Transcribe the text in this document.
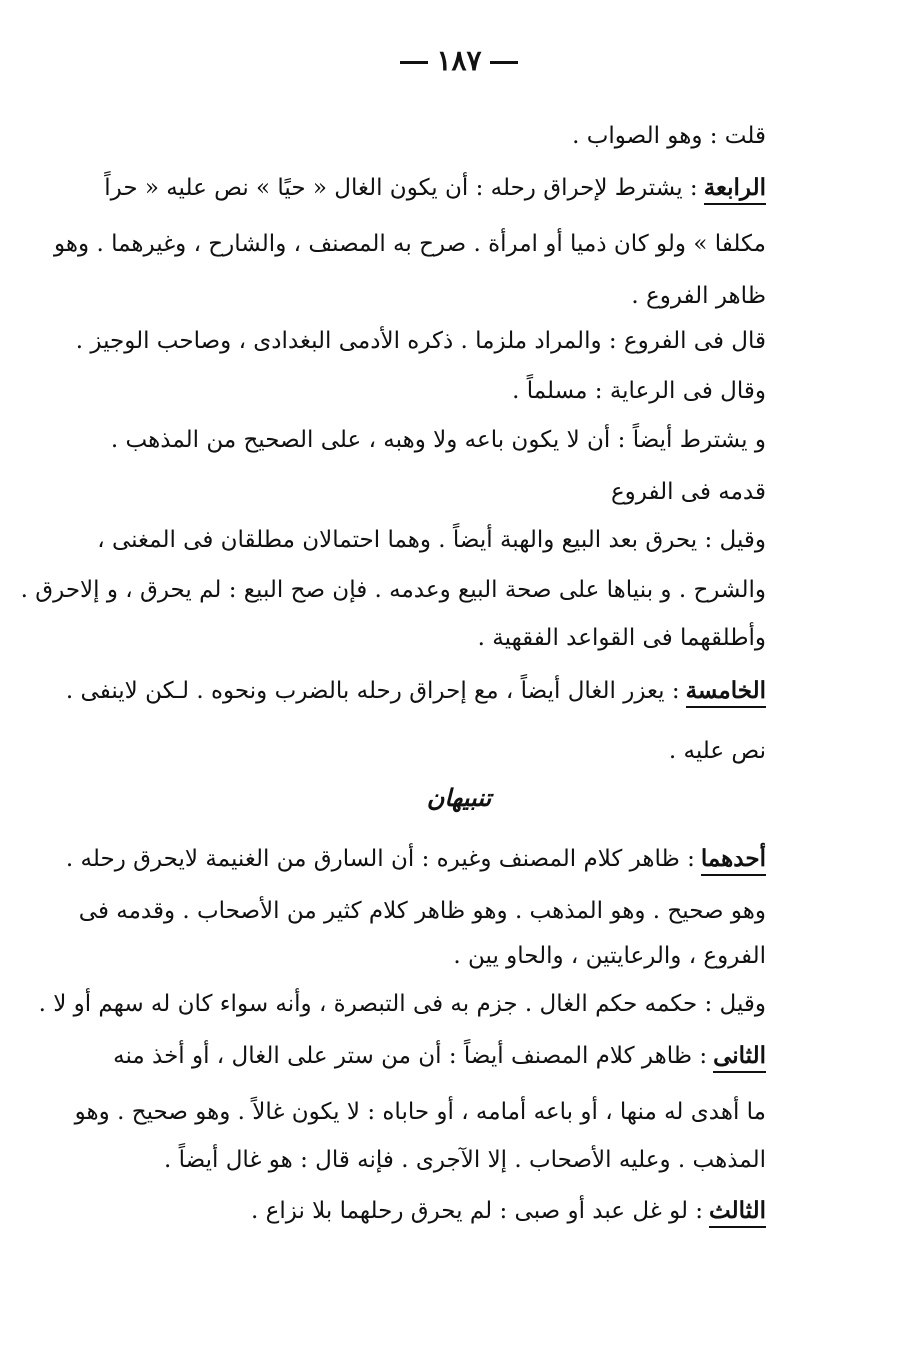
١٨٧
قلت : وهو الصواب .
الرابعة: يشترط لإحراق رحله : أن يكون الغال « حيًا » نص عليه « حراً
مكلفا » ولو كان ذميا أو امرأة . صرح به المصنف ، والشارح ، وغيرهما . وهو
ظاهر الفروع .
قال فى الفروع : والمراد ملزما . ذكره الأدمى البغدادى ، وصاحب الوجيز .
وقال فى الرعاية : مسلماً .
و يشترط أيضاً : أن لا يكون باعه ولا وهبه ، على الصحيح من المذهب .
قدمه فى الفروع
وقيل : يحرق بعد البيع والهبة أيضاً . وهما احتمالان مطلقان فى المغنى ،
والشرح . و بنياها على صحة البيع وعدمه . فإن صح البيع : لم يحرق ، و إلاحرق .
وأطلقهما فى القواعد الفقهية .
الخامسة: يعزر الغال أيضاً ، مع إحراق رحله بالضرب ونحوه . لـكن لاينفى .
نص عليه .
تنبيهان
أحدهما: ظاهر كلام المصنف وغيره : أن السارق من الغنيمة لايحرق رحله .
وهو صحيح . وهو المذهب . وهو ظاهر كلام كثير من الأصحاب . وقدمه فى
الفروع ، والرعايتين ، والحاو يين .
وقيل : حكمه حكم الغال . جزم به فى التبصرة ، وأنه سواء كان له سهم أو لا .
الثانى: ظاهر كلام المصنف أيضاً : أن من ستر على الغال ، أو أخذ منه
ما أهدى له منها ، أو باعه أمامه ، أو حاباه : لا يكون غالاً . وهو صحيح . وهو
المذهب . وعليه الأصحاب . إلا الآجرى . فإنه قال : هو غال أيضاً .
الثالث: لو غل عبد أو صبى : لم يحرق رحلهما بلا نزاع .
